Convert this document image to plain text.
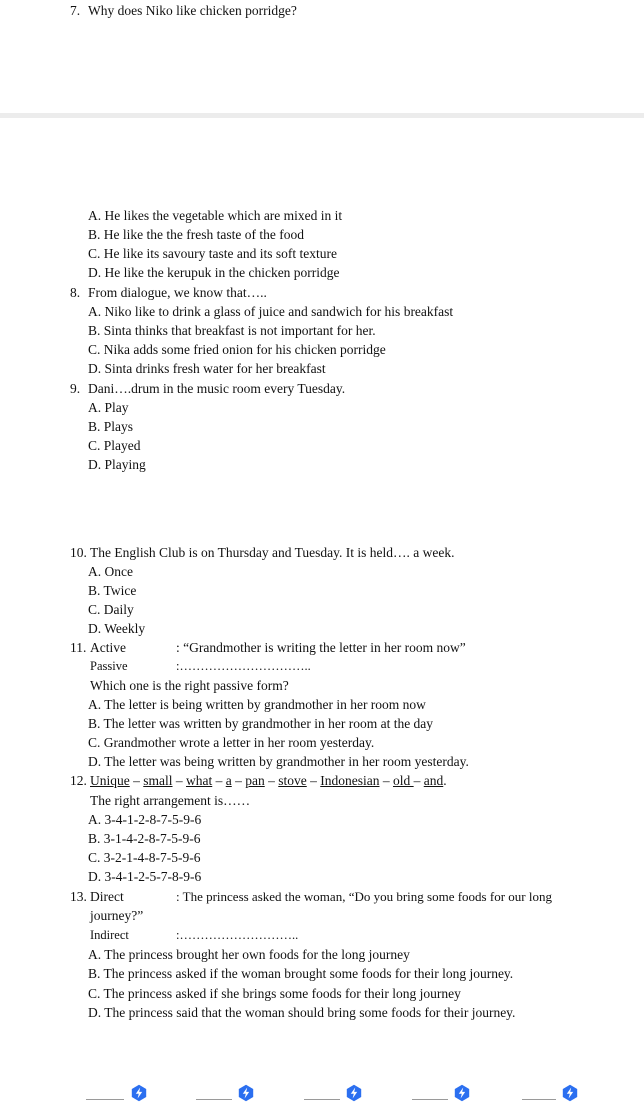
7. Why does Niko like chicken porridge?
A. He likes the vegetable which are mixed in it
B. He like the the fresh taste of the food
C. He like its savoury taste and its soft texture
D. He like the kerupuk in the chicken porridge
8. From dialogue, we know that…..
A. Niko like to drink a glass of juice and sandwich for his breakfast
B. Sinta thinks that breakfast is not important for her.
C. Nika adds some fried onion for his chicken porridge
D. Sinta drinks fresh water for her breakfast
9. Dani….drum in the music room every Tuesday.
A. Play
B. Plays
C. Played
D. Playing
10. The English Club is on Thursday and Tuesday. It is held…. a week.
A. Once
B. Twice
C. Daily
D. Weekly
11. Active	: “Grandmother is writing the letter in her room now”
Passive	:…………………………..
Which one is the right passive form?
A. The letter is being written by grandmother in her room now
B. The letter was written by grandmother in her room at the day
C. Grandmother wrote a letter in her room yesterday.
D. The letter was being written by grandmother in her room yesterday.
12. Unique – small – what – a – pan – stove – Indonesian – old – and.
The right arrangement is……
A. 3-4-1-2-8-7-5-9-6
B. 3-1-4-2-8-7-5-9-6
C. 3-2-1-4-8-7-5-9-6
D. 3-4-1-2-5-7-8-9-6
13. Direct	: The princess asked the woman, “Do you bring some foods for our long
journey?”
Indirect	:………………………..
A. The princess brought her own foods for the long journey
B. The princess asked if the woman brought some foods for their long journey.
C. The princess asked if she brings some foods for their long journey
D. The princess said that the woman should bring some foods for their journey.
